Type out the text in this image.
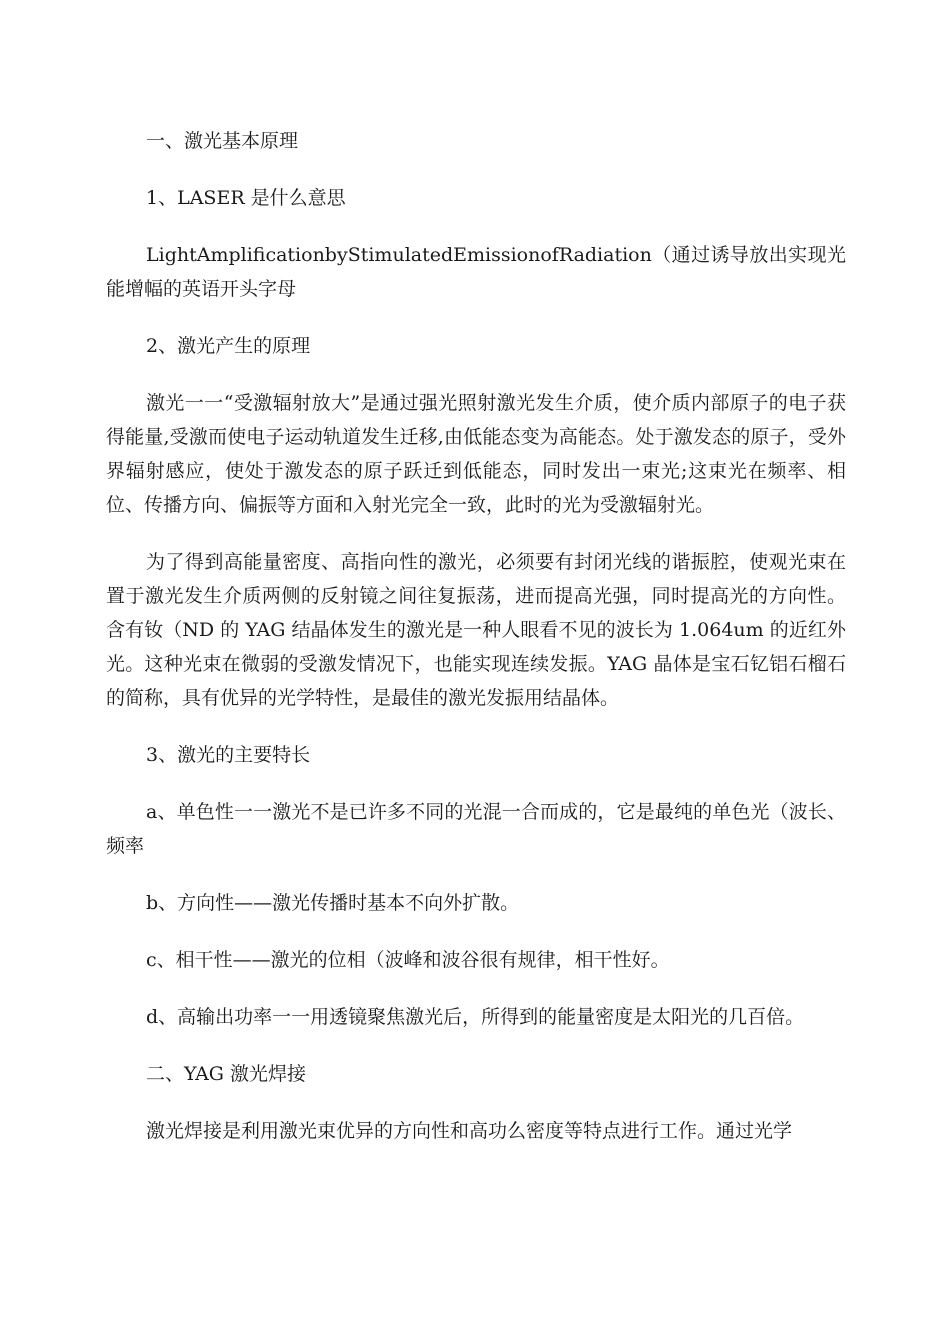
一、激光基本原理

1、LASER 是什么意思

LightAmplificationbyStimulatedEmissionofRadiation（通过诱导放出实现光能增幅的英语开头字母

2、激光产生的原理

激光一一“受激辐射放大”是通过强光照射激光发生介质，使介质内部原子的电子获得能量,受激而使电子运动轨道发生迁移,由低能态变为高能态。处于激发态的原子，受外界辐射感应，使处于激发态的原子跃迁到低能态，同时发出一束光;这束光在频率、相位、传播方向、偏振等方面和入射光完全一致，此时的光为受激辐射光。

为了得到高能量密度、高指向性的激光，必须要有封闭光线的谐振腔，使观光束在置于激光发生介质两侧的反射镜之间往复振荡，进而提高光强，同时提高光的方向性。含有钕（ND 的 YAG 结晶体发生的激光是一种人眼看不见的波长为 1.064um 的近红外光。这种光束在微弱的受激发情况下，也能实现连续发振。YAG 晶体是宝石钇铝石榴石的简称，具有优异的光学特性，是最佳的激光发振用结晶体。

3、激光的主要特长

a、单色性一一激光不是已许多不同的光混一合而成的，它是最纯的单色光（波长、频率

b、方向性——激光传播时基本不向外扩散。

c、相干性——激光的位相（波峰和波谷很有规律，相干性好。

d、高输出功率一一用透镜聚焦激光后，所得到的能量密度是太阳光的几百倍。

二、YAG 激光焊接

激光焊接是利用激光束优异的方向性和高功么密度等特点进行工作。通过光学
